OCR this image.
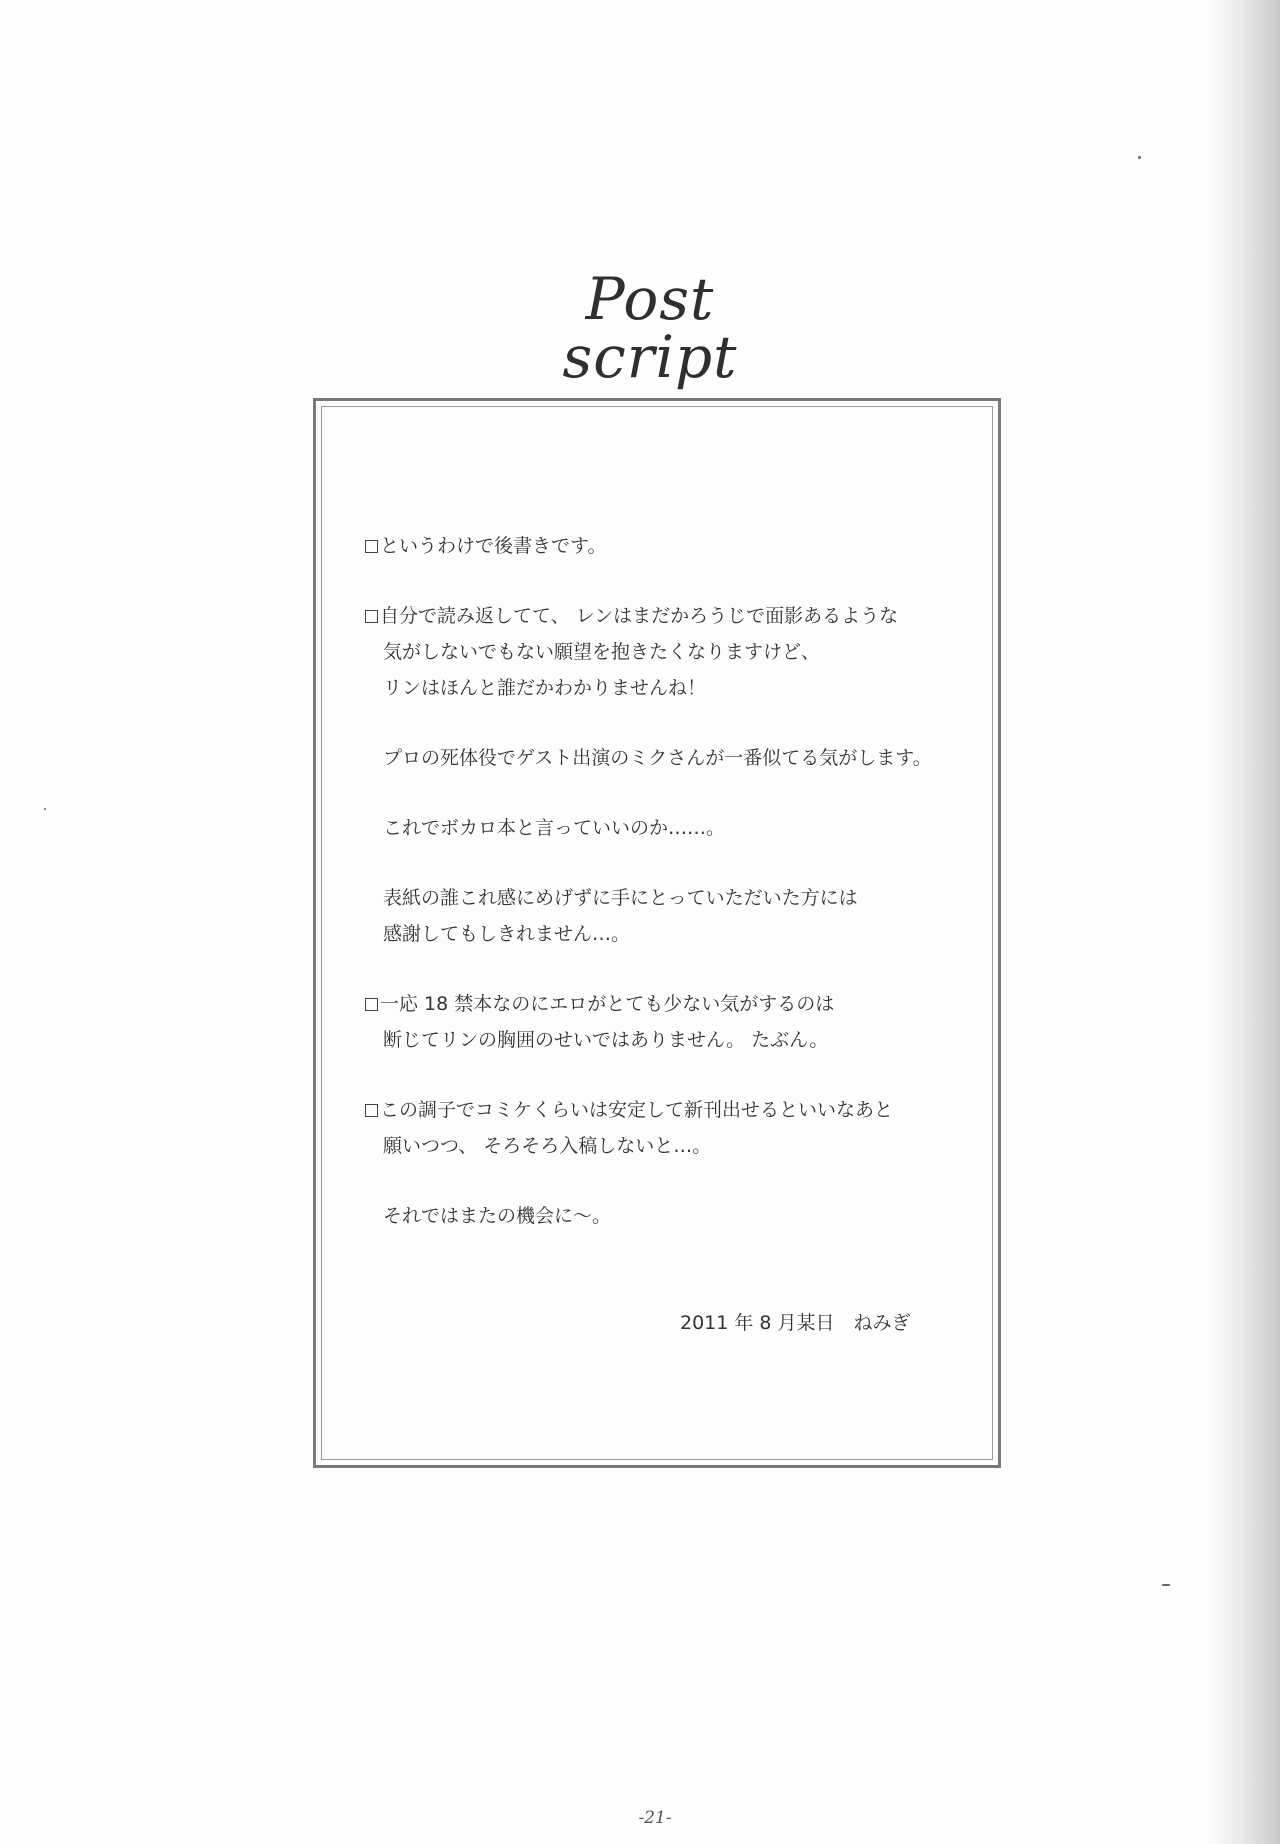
Post script
というわけで後書きです。
自分で読み返してて、 レンはまだかろうじで面影あるような
気がしないでもない願望を抱きたくなりますけど、
リンはほんと誰だかわかりませんね！
プロの死体役でゲスト出演のミクさんが一番似てる気がします。
これでボカロ本と言っていいのか……。
表紙の誰これ感にめげずに手にとっていただいた方には
感謝してもしきれません…。
一応 18 禁本なのにエロがとても少ない気がするのは
断じてリンの胸囲のせいではありません。 たぶん。
この調子でコミケくらいは安定して新刊出せるといいなあと
願いつつ、 そろそろ入稿しないと…。
それではまたの機会に～。
2011 年 8 月某日　ねみぎ
-21-
